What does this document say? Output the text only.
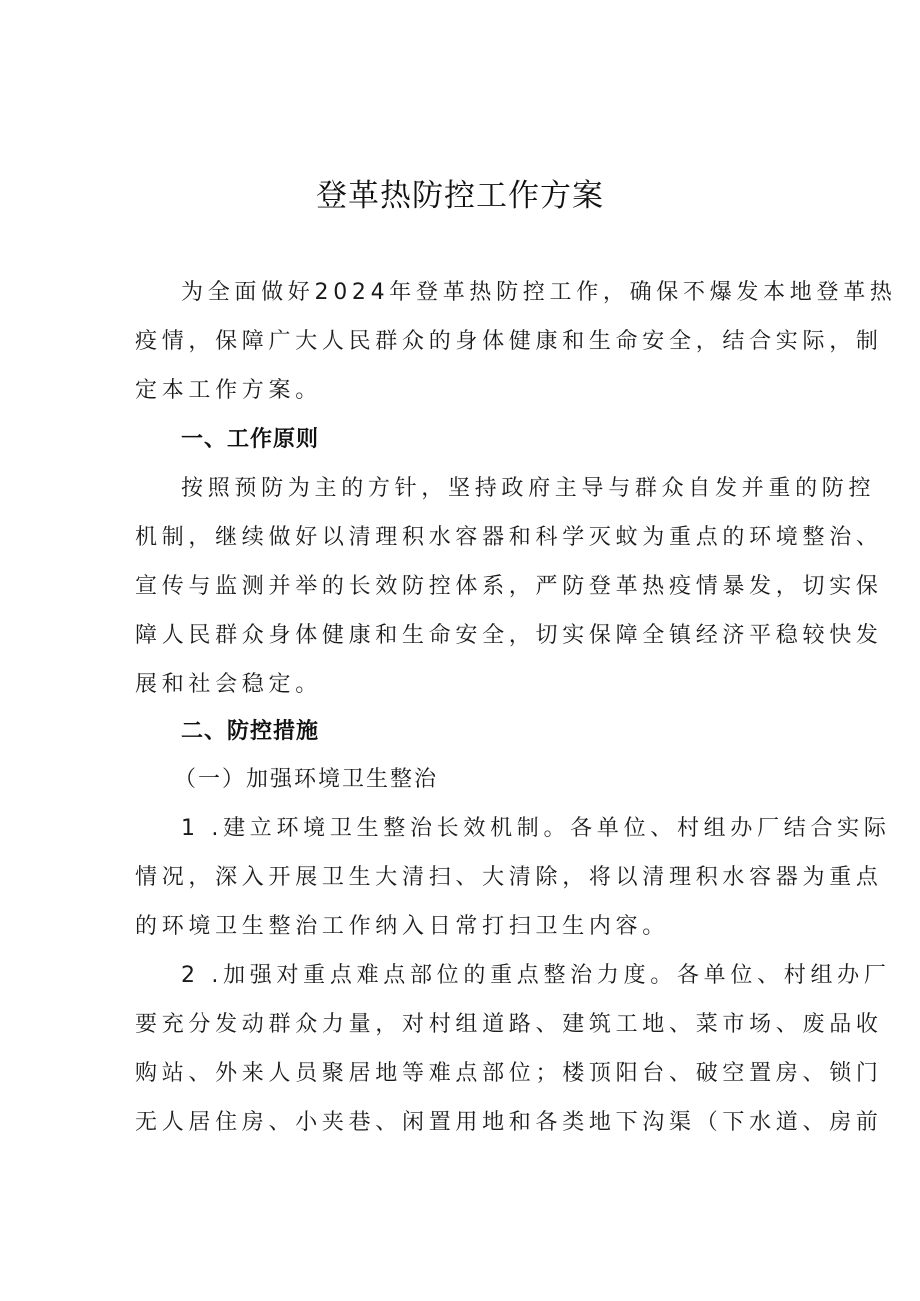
登革热防控工作方案
为全面做好2024年登革热防控工作，确保不爆发本地登革热
疫情，保障广大人民群众的身体健康和生命安全，结合实际，制
定本工作方案。
一、工作原则
按照预防为主的方针，坚持政府主导与群众自发并重的防控
机制，继续做好以清理积水容器和科学灭蚊为重点的环境整治、
宣传与监测并举的长效防控体系，严防登革热疫情暴发，切实保
障人民群众身体健康和生命安全，切实保障全镇经济平稳较快发
展和社会稳定。
二、防控措施
（一）加强环境卫生整治
1 .建立环境卫生整治长效机制。各单位、村组办厂结合实际
情况，深入开展卫生大清扫、大清除，将以清理积水容器为重点
的环境卫生整治工作纳入日常打扫卫生内容。
2 .加强对重点难点部位的重点整治力度。各单位、村组办厂
要充分发动群众力量，对村组道路、建筑工地、菜市场、废品收
购站、外来人员聚居地等难点部位；楼顶阳台、破空置房、锁门
无人居住房、小夹巷、闲置用地和各类地下沟渠（下水道、房前
